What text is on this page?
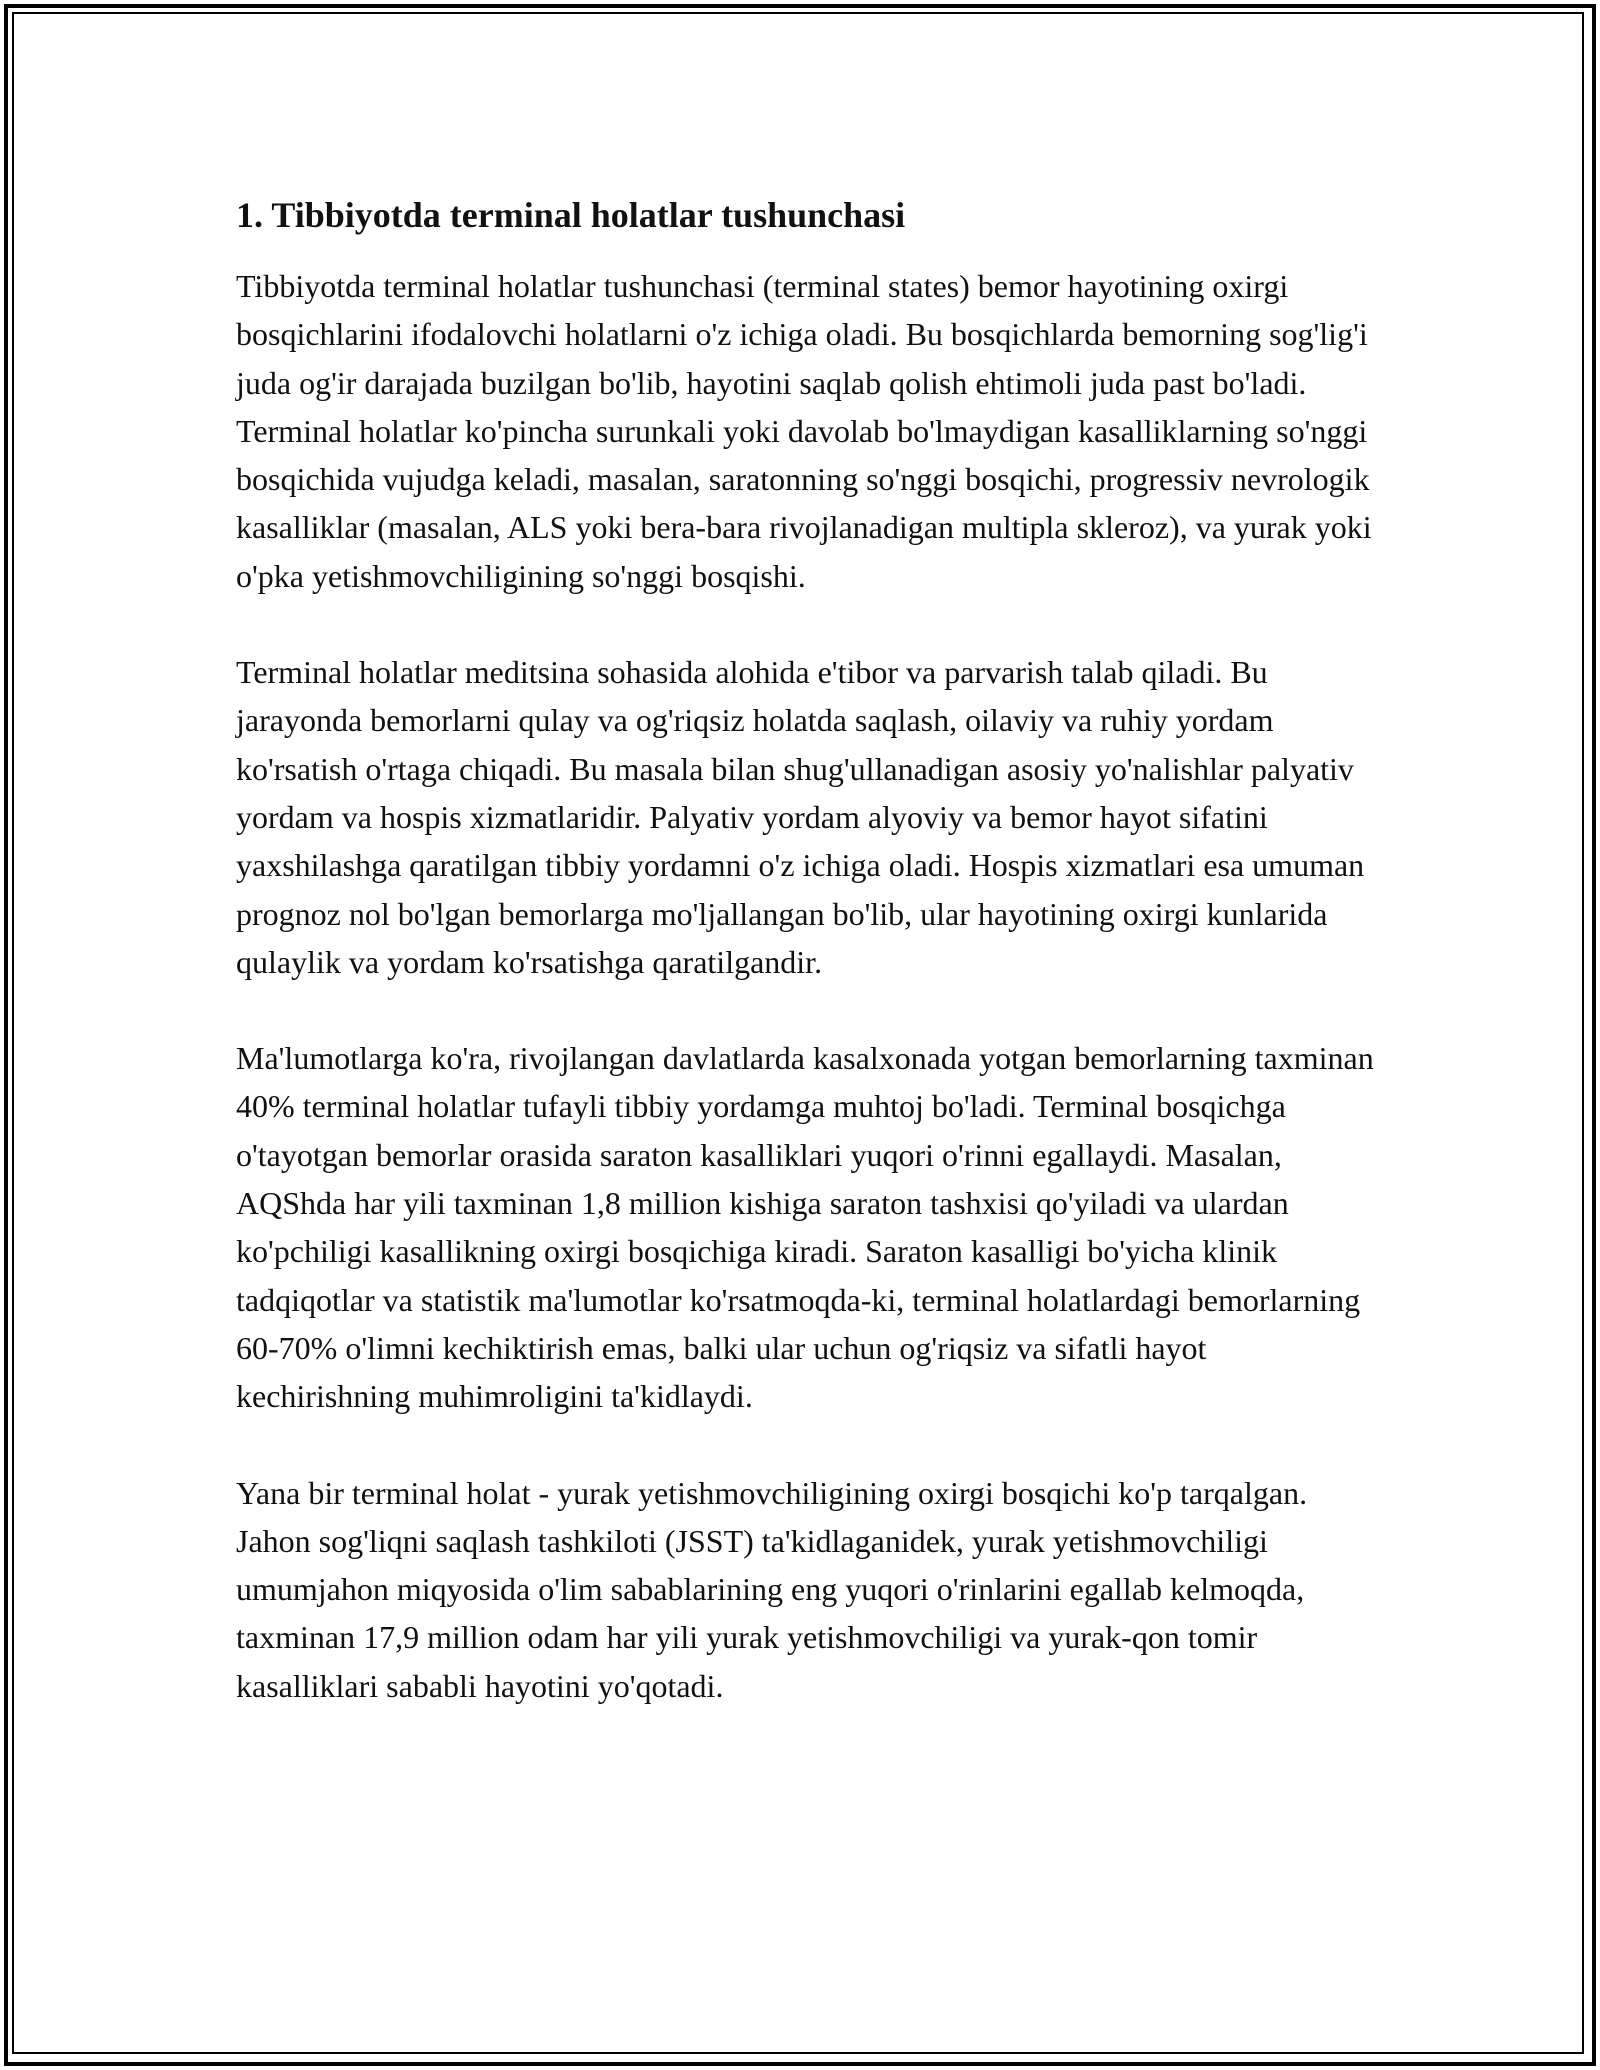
1. Tibbiyotda terminal holatlar tushunchasi

Tibbiyotda terminal holatlar tushunchasi (terminal states) bemor hayotining oxirgi bosqichlarini ifodalovchi holatlarni o'z ichiga oladi. Bu bosqichlarda bemorning sog'lig'i juda og'ir darajada buzilgan bo'lib, hayotini saqlab qolish ehtimoli juda past bo'ladi. Terminal holatlar ko'pincha surunkali yoki davolab bo'lmaydigan kasalliklarning so'nggi bosqichida vujudga keladi, masalan, saratonning so'nggi bosqichi, progressiv nevrologik kasalliklar (masalan, ALS yoki bera-bara rivojlanadigan multipla skleroz), va yurak yoki o'pka yetishmovchiligining so'nggi bosqishi.

Terminal holatlar meditsina sohasida alohida e'tibor va parvarish talab qiladi. Bu jarayonda bemorlarni qulay va og'riqsiz holatda saqlash, oilaviy va ruhiy yordam ko'rsatish o'rtaga chiqadi. Bu masala bilan shug'ullanadigan asosiy yo'nalishlar palyativ yordam va hospis xizmatlaridir. Palyativ yordam alyoviy va bemor hayot sifatini yaxshilashga qaratilgan tibbiy yordamni o'z ichiga oladi. Hospis xizmatlari esa umuman prognoz nol bo'lgan bemorlarga mo'ljallangan bo'lib, ular hayotining oxirgi kunlarida qulaylik va yordam ko'rsatishga qaratilgandir.

Ma'lumotlarga ko'ra, rivojlangan davlatlarda kasalxonada yotgan bemorlarning taxminan 40% terminal holatlar tufayli tibbiy yordamga muhtoj bo'ladi. Terminal bosqichga o'tayotgan bemorlar orasida saraton kasalliklari yuqori o'rinni egallaydi. Masalan, AQShda har yili taxminan 1,8 million kishiga saraton tashxisi qo'yiladi va ulardan ko'pchiligi kasallikning oxirgi bosqichiga kiradi. Saraton kasalligi bo'yicha klinik tadqiqotlar va statistik ma'lumotlar ko'rsatmoqda-ki, terminal holatlardagi bemorlarning 60-70% o'limni kechiktirish emas, balki ular uchun og'riqsiz va sifatli hayot kechirishning muhimroligini ta'kidlaydi.

Yana bir terminal holat - yurak yetishmovchiligining oxirgi bosqichi ko'p tarqalgan. Jahon sog'liqni saqlash tashkiloti (JSST) ta'kidlaganidek, yurak yetishmovchiligi umumjahon miqyosida o'lim sabablarining eng yuqori o'rinlarini egallab kelmoqda, taxminan 17,9 million odam har yili yurak yetishmovchiligi va yurak-qon tomir kasalliklari sababli hayotini yo'qotadi.
